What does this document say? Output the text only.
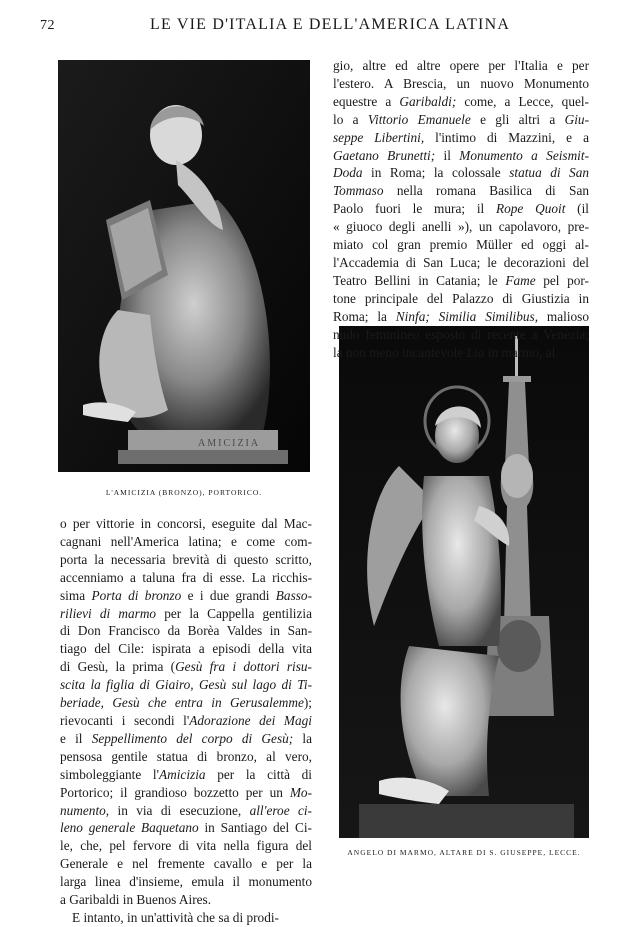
72	LE VIE D'ITALIA E DELL'AMERICA LATINA
AMICIZIA
L'AMICIZIA (BRONZO), PORTORICO.
ANGELO DI MARMO, ALTARE DI S. GIUSEPPE, LECCE.

gio, altre ed altre opere per l'Italia e per

l'estero. A Brescia, un nuovo Monumento

equestre a Garibaldi; come, a Lecce, quel-

lo a Vittorio Emanuele e gli altri a Giu-

seppe Libertini, l'intimo di Mazzini, e a

Gaetano Brunetti; il Monumento a Seismit-

Doda in Roma; la colossale statua di San

Tommaso nella romana Basilica di San

Paolo fuori le mura; il Rope Quoit (il

« giuoco degli anelli »), un capolavoro, pre-

miato col gran premio Müller ed oggi al-

l'Accademia di San Luca; le decorazioni del

Teatro Bellini in Catania; le Fame pel por-

tone principale del Palazzo di Giustizia in

Roma; la Ninfa; Similia Similibus, malioso

nudo femmineo esposto di recente a Venezia;

la non meno incantevole Lia in marmo, al

o per vittorie in concorsi, eseguite dal Mac-

cagnani nell'America latina; e come com-

porta la necessaria brevità di questo scritto,

accenniamo a taluna fra di esse. La ricchis-

sima Porta di bronzo e i due grandi Basso-

rilievi di marmo per la Cappella gentilizia

di Don Francisco da Borèa Valdes in San-

tiago del Cile: ispirata a episodi della vita

di Gesù, la prima (Gesù fra i dottori risu-

scita la figlia di Giairo, Gesù sul lago di Ti-

beriade, Gesù che entra in Gerusalemme);

rievocanti i secondi l'Adorazione dei Magi

e il Seppellimento del corpo di Gesù; la

pensosa gentile statua di bronzo, al vero,

simboleggiante l'Amicizia per la città di

Portorico; il grandioso bozzetto per un Mo-

numento, in via di esecuzione, all'eroe ci-

leno generale Baquetano in Santiago del Ci-

le, che, pel fervore di vita nella figura del

Generale e nel fremente cavallo e per la

larga linea d'insieme, emula il monumento

a Garibaldi in Buenos Aires.

E intanto, in un'attività che sa di prodi-
